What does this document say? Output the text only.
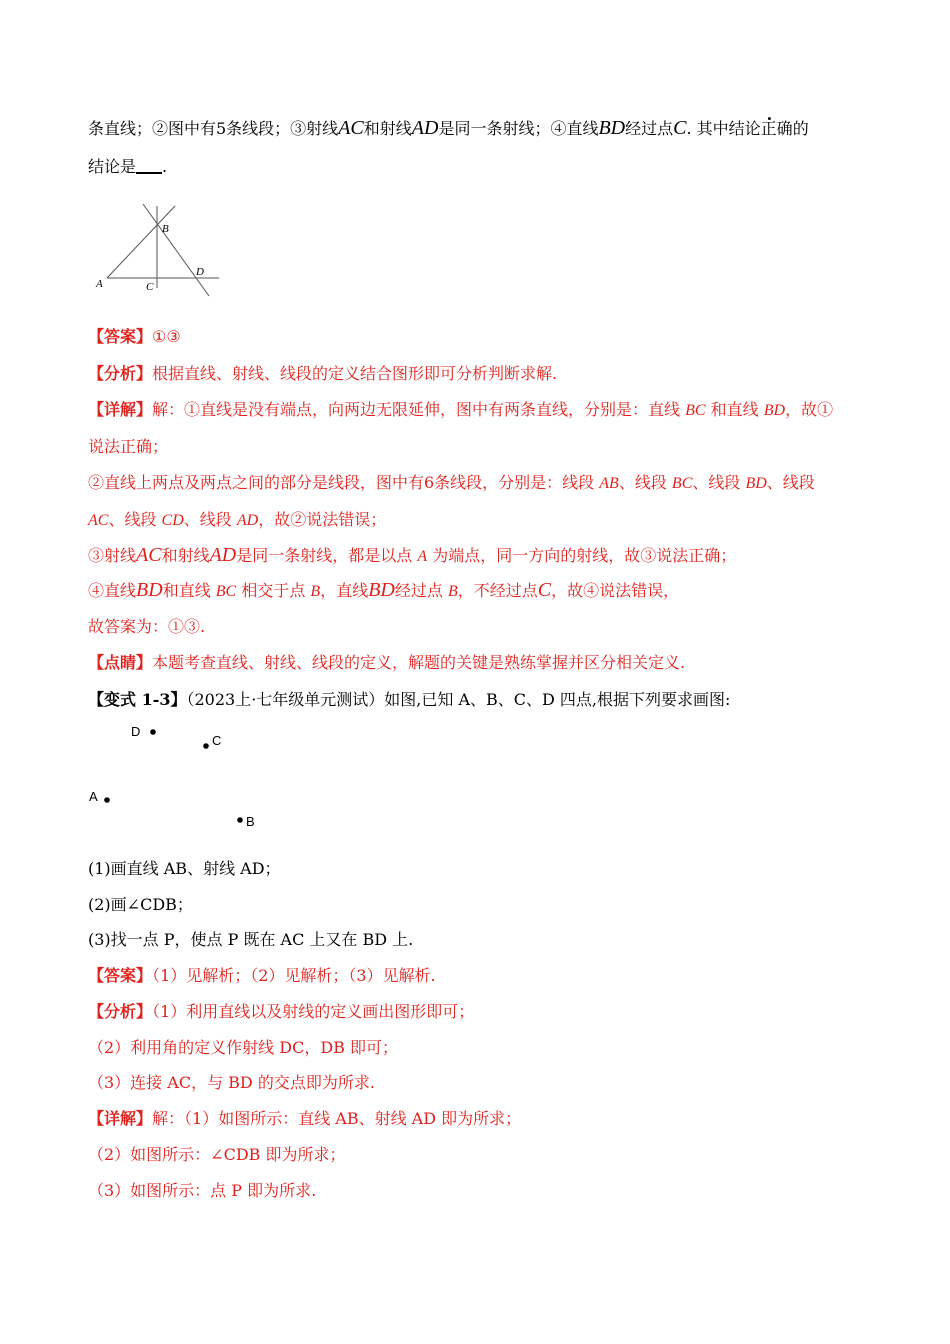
条直线；②图中有5条线段；③射线AC和射线AD是同一条射线；④直线BD经过点C. 其中结论正确的
结论是 .
A
B
C
D
【答案】①③
【分析】根据直线、射线、线段的定义结合图形即可分析判断求解.
【详解】解：①直线是没有端点，向两边无限延伸，图中有两条直线，分别是：直线 BC 和直线 BD，故①
说法正确；
②直线上两点及两点之间的部分是线段，图中有6条线段，分别是：线段 AB、线段 BC、线段 BD、线段
AC、线段 CD、线段 AD，故②说法错误；
③射线AC和射线AD是同一条射线，都是以点 A 为端点，同一方向的射线，故③说法正确；
④直线BD和直线 BC 相交于点 B，直线BD经过点 B，不经过点C，故④说法错误，
故答案为：①③.
【点睛】本题考查直线、射线、线段的定义，解题的关键是熟练掌握并区分相关定义.
【变式 1-3】（2023上·七年级单元测试）如图,已知 A、B、C、D 四点,根据下列要求画图:
D
C
A
B
(1)画直线 AB、射线 AD；
(2)画∠CDB；
(3)找一点 P，使点 P 既在 AC 上又在 BD 上.
【答案】（1）见解析；（2）见解析；（3）见解析.
【分析】（1）利用直线以及射线的定义画出图形即可；
（2）利用角的定义作射线 DC，DB 即可；
（3）连接 AC，与 BD 的交点即为所求.
【详解】解：（1）如图所示：直线 AB、射线 AD 即为所求；
（2）如图所示：∠CDB 即为所求；
（3）如图所示：点 P 即为所求.
